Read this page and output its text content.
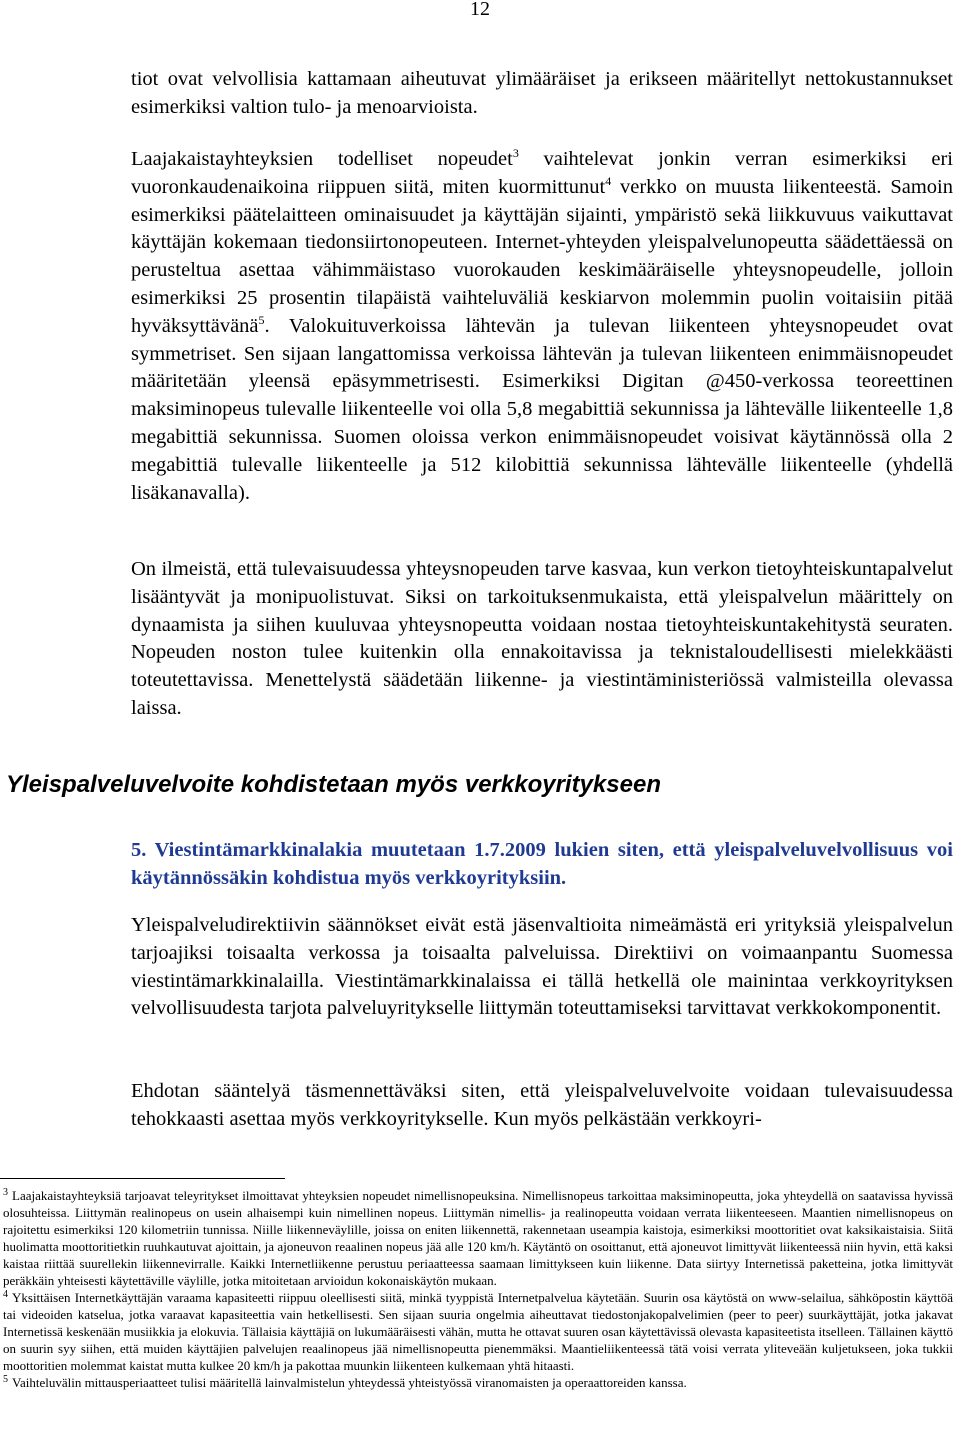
12

tiot ovat velvollisia kattamaan aiheutuvat ylimääräiset ja erikseen määritellyt nettokustannukset esimerkiksi valtion tulo- ja menoarvioista.

Laajakaistayhteyksien todelliset nopeudet$^3$ vaihtelevat jonkin verran esimerkiksi eri vuoronkaudenaikoina riippuen siitä, miten kuormittunut$^4$ verkko on muusta liikenteestä. Samoin esimerkiksi päätelaitteen ominaisuudet ja käyttäjän sijainti, ympäristö sekä liikkuvuus vaikuttavat käyttäjän kokemaan tiedonsiirtonopeuteen. Internet-yhteyden yleispalvelunopeutta säädettäessä on perusteltua asettaa vähimmäistaso vuorokauden keskimääräiselle yhteysnopeudelle, jolloin esimerkiksi 25 prosentin tilapäistä vaihteluväliä keskiarvon molemmin puolin voitaisiin pitää hyväksyttävänä$^5$. Valokuituverkoissa lähtevän ja tulevan liikenteen yhteysnopeudet ovat symmetriset. Sen sijaan langattomissa verkoissa lähtevän ja tulevan liikenteen enimmäisnopeudet määritetään yleensä epäsymmetrisesti. Esimerkiksi Digitan @450-verkossa teoreettinen maksiminopeus tulevalle liikenteelle voi olla 5,8 megabittiä sekunnissa ja lähtevälle liikenteelle 1,8 megabittiä sekunnissa. Suomen oloissa verkon enimmäisnopeudet voisivat käytännössä olla 2 megabittiä tulevalle liikenteelle ja 512 kilobittiä sekunnissa lähtevälle liikenteelle (yhdellä lisäkanavalla).

On ilmeistä, että tulevaisuudessa yhteysnopeuden tarve kasvaa, kun verkon tietoyhteiskuntapalvelut lisääntyvät ja monipuolistuvat. Siksi on tarkoituksenmukaista, että yleispalvelun määrittely on dynaamista ja siihen kuuluvaa yhteysnopeutta voidaan nostaa tietoyhteiskuntakehitystä seuraten. Nopeuden noston tulee kuitenkin olla ennakoitavissa ja teknistaloudellisesti mielekkäästi toteutettavissa. Menettelystä säädetään liikenne- ja viestintäministeriössä valmisteilla olevassa laissa.

Yleispalveluvelvoite kohdistetaan myös verkkoyritykseen

5. Viestintämarkkinalakia muutetaan 1.7.2009 lukien siten, että yleispalveluvelvollisuus voi käytännössäkin kohdistua myös verkkoyrityksiin.

Yleispalveludirektiivin säännökset eivät estä jäsenvaltioita nimeämästä eri yrityksiä yleispalvelun tarjoajiksi toisaalta verkossa ja toisaalta palveluissa. Direktiivi on voimaanpantu Suomessa viestintämarkkinalailla. Viestintämarkkinalaissa ei tällä hetkellä ole mainintaa verkkoyrityksen velvollisuudesta tarjota palveluyritykselle liittymän toteuttamiseksi tarvittavat verkkokomponentit.

Ehdotan sääntelyä täsmennettäväksi siten, että yleispalveluvelvoite voidaan tulevaisuudessa tehokkaasti asettaa myös verkkoyritykselle. Kun myös pelkästään verkkoyri-

$^3$ Laajakaistayhteyksiä tarjoavat teleyritykset ilmoittavat yhteyksien nopeudet nimellisnopeuksina. Nimellisnopeus tarkoittaa maksiminopeutta, joka yhteydellä on saatavissa hyvissä olosuhteissa. Liittymän realinopeus on usein alhaisempi kuin nimellinen nopeus. Liittymän nimellis- ja realinopeutta voidaan verrata liikenteeseen. Maantien nimellisnopeus on rajoitettu esimerkiksi 120 kilometriin tunnissa. Niille liikenneväylille, joissa on eniten liikennettä, rakennetaan useampia kaistoja, esimerkiksi moottoritiet ovat kaksikaistaisia. Siitä huolimatta moottoritietkin ruuhkautuvat ajoittain, ja ajoneuvon reaalinen nopeus jää alle 120 km/h. Käytäntö on osoittanut, että ajoneuvot limittyvät liikenteessä niin hyvin, että kaksi kaistaa riittää suurellekin liikennevirralle. Kaikki Internetliikenne perustuu periaatteessa saamaan limittykseen kuin liikenne. Data siirtyy Internetissä paketteina, jotka limittyvät peräkkäin yhteisesti käytettäville väylille, jotka mitoitetaan arvioidun kokonaiskäytön mukaan.

$^4$ Yksittäisen Internetkäyttäjän varaama kapasiteetti riippuu oleellisesti siitä, minkä tyyppistä Internetpalvelua käytetään. Suurin osa käytöstä on www-selailua, sähköpostin käyttöä tai videoiden katselua, jotka varaavat kapasiteettia vain hetkellisesti. Sen sijaan suuria ongelmia aiheuttavat tiedostonjakopalvelimien (peer to peer) suurkäyttäjät, jotka jakavat Internetissä keskenään musiikkia ja elokuvia. Tällaisia käyttäjiä on lukumääräisesti vähän, mutta he ottavat suuren osan käytettävissä olevasta kapasiteetista itselleen. Tällainen käyttö on suurin syy siihen, että muiden käyttäjien palvelujen reaalinopeus jää nimellisnopeutta pienemmäksi. Maantieliikenteessä tätä voisi verrata yliteveään kuljetukseen, joka tukkii moottoritien molemmat kaistat mutta kulkee 20 km/h ja pakottaa muunkin liikenteen kulkemaan yhtä hitaasti.

$^5$ Vaihteluvälin mittausperiaatteet tulisi määritellä lainvalmistelun yhteydessä yhteistyössä viranomaisten ja operaattoreiden kanssa.
